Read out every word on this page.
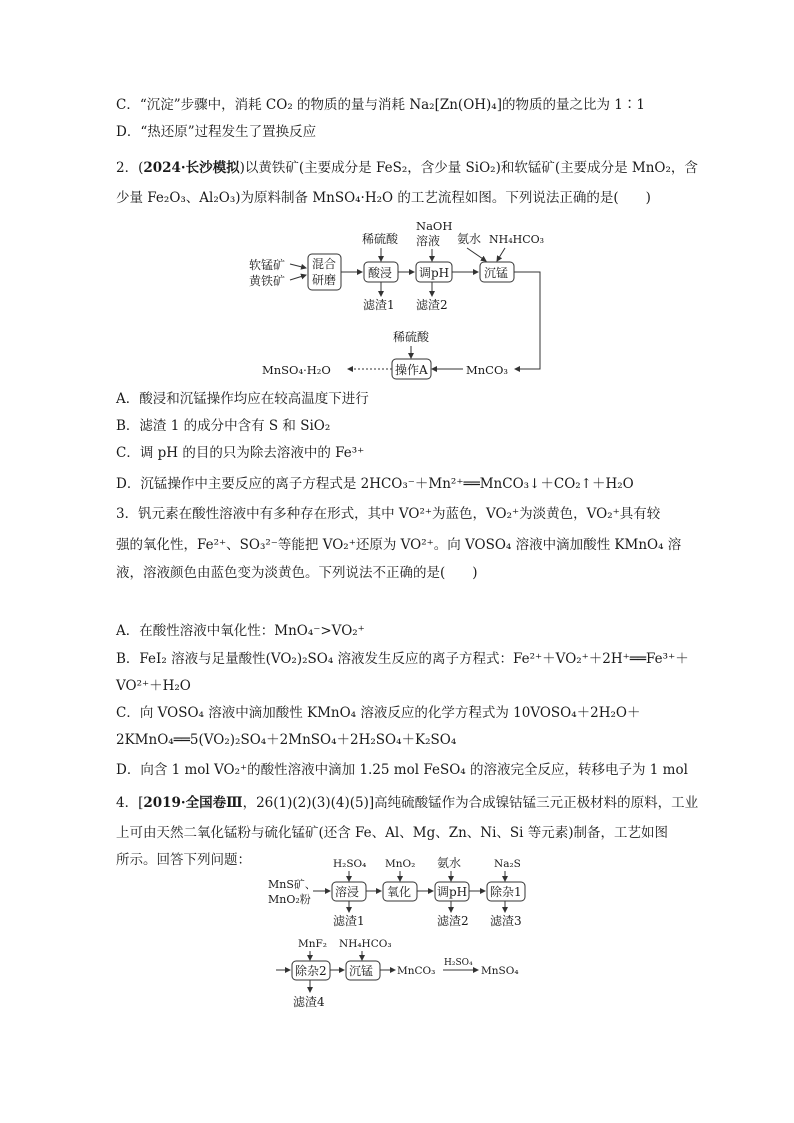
C．“沉淀”步骤中，消耗 CO₂ 的物质的量与消耗 Na₂[Zn(OH)₄]的物质的量之比为 1∶1
D．“热还原”过程发生了置换反应
2．(2024·长沙模拟)以黄铁矿(主要成分是 FeS₂，含少量 SiO₂)和软锰矿(主要成分是 MnO₂，含
少量 Fe₂O₃、Al₂O₃)为原料制备 MnSO₄·H₂O 的工艺流程如图。下列说法正确的是(　　)
软锰矿
黄铁矿
混合
研磨
稀硫酸
酸浸
滤渣1
NaOH
溶液
调pH
滤渣2
氨水 NH₄HCO₃
沉锰
MnCO₃
稀硫酸
操作A
MnSO₄·H₂O
A．酸浸和沉锰操作均应在较高温度下进行
B．滤渣 1 的成分中含有 S 和 SiO₂
C．调 pH 的目的只为除去溶液中的 Fe³⁺
D．沉锰操作中主要反应的离子方程式是 2HCO₃⁻＋Mn²⁺══MnCO₃↓＋CO₂↑＋H₂O
3．钒元素在酸性溶液中有多种存在形式，其中 VO²⁺为蓝色，VO₂⁺为淡黄色，VO₂⁺具有较
强的氧化性，Fe²⁺、SO₃²⁻等能把 VO₂⁺还原为 VO²⁺。向 VOSO₄ 溶液中滴加酸性 KMnO₄ 溶
液，溶液颜色由蓝色变为淡黄色。下列说法不正确的是(　　)
A．在酸性溶液中氧化性：MnO₄⁻>VO₂⁺
B．FeI₂ 溶液与足量酸性(VO₂)₂SO₄ 溶液发生反应的离子方程式：Fe²⁺＋VO₂⁺＋2H⁺══Fe³⁺＋
VO²⁺＋H₂O
C．向 VOSO₄ 溶液中滴加酸性 KMnO₄ 溶液反应的化学方程式为 10VOSO₄＋2H₂O＋
2KMnO₄══5(VO₂)₂SO₄＋2MnSO₄＋2H₂SO₄＋K₂SO₄
D．向含 1 mol VO₂⁺的酸性溶液中滴加 1.25 mol FeSO₄ 的溶液完全反应，转移电子为 1 mol
4．[2019·全国卷Ⅲ，26(1)(2)(3)(4)(5)]高纯硫酸锰作为合成镍钴锰三元正极材料的原料，工业
上可由天然二氧化锰粉与硫化锰矿(还含 Fe、Al、Mg、Zn、Ni、Si 等元素)制备，工艺如图
所示。回答下列问题：
MnS矿、
MnO₂粉
H₂SO₄
溶浸
滤渣1
MnO₂
氧化
氨水
调pH
滤渣2
Na₂S
除杂1
滤渣3
MnF₂
除杂2
滤渣4
NH₄HCO₃
沉锰 MnCO₃
H₂SO₄
MnSO₄
